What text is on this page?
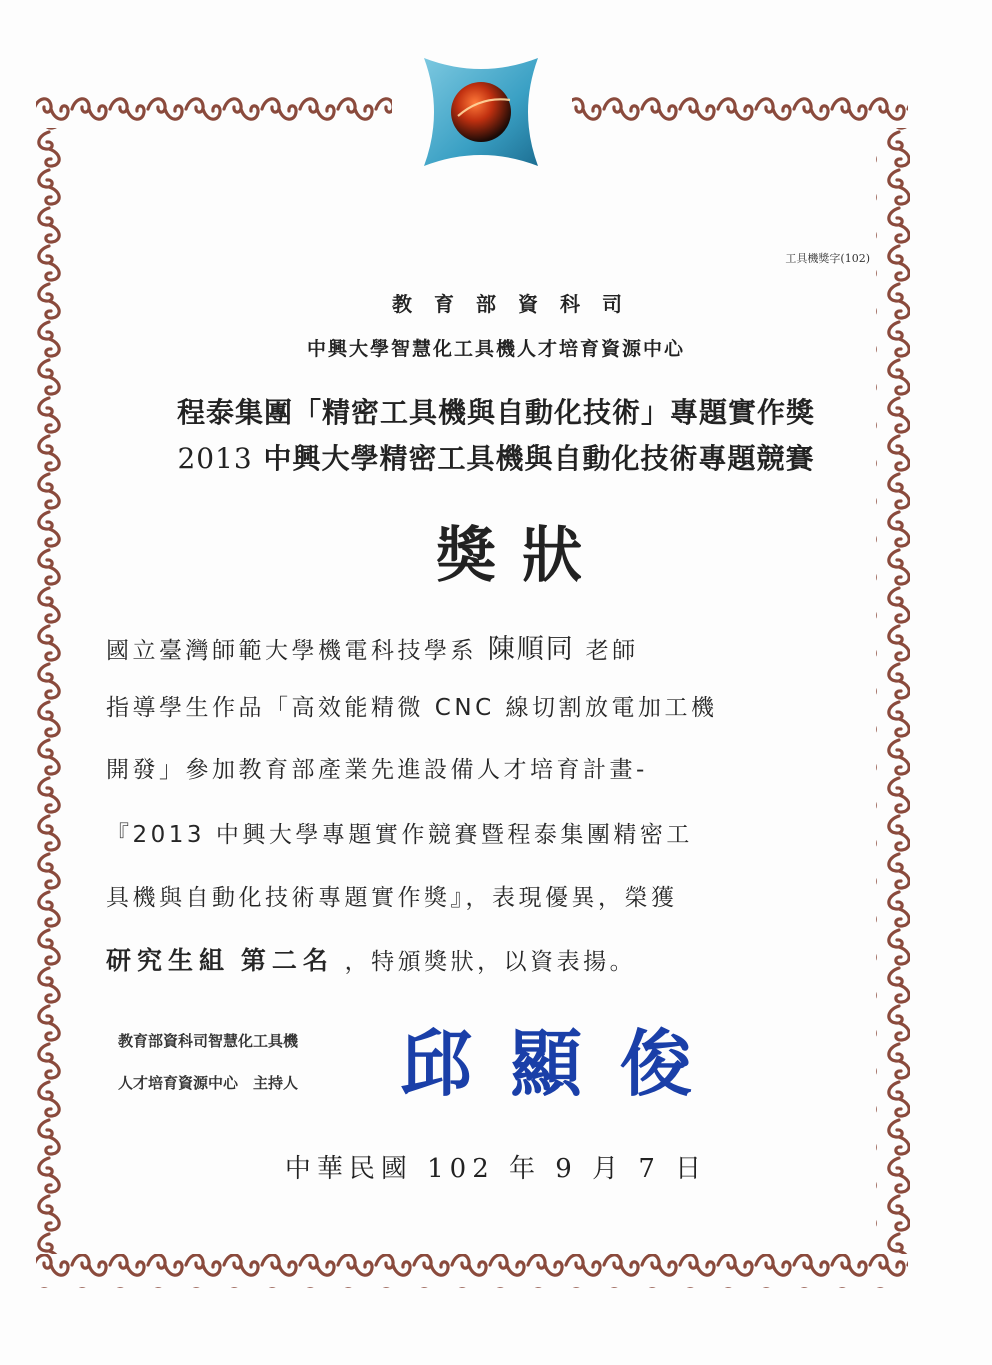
工具機獎字(102)
教育部資科司
中興大學智慧化工具機人才培育資源中心
程泰集團「精密工具機與自動化技術」專題實作獎
2013 中興大學精密工具機與自動化技術專題競賽
獎狀
國立臺灣師範大學機電科技學系 陳順同 老師
指導學生作品「高效能精微 CNC 線切割放電加工機
開發」參加教育部產業先進設備人才培育計畫-
『2013 中興大學專題實作競賽暨程泰集團精密工
具機與自動化技術專題實作獎』，表現優異，榮獲
研究生組 第二名 ，特頒獎狀，以資表揚。
教育部資科司智慧化工具機
人才培育資源中心　主持人 邱顯俊
中華民國 102 年 9 月 7 日
